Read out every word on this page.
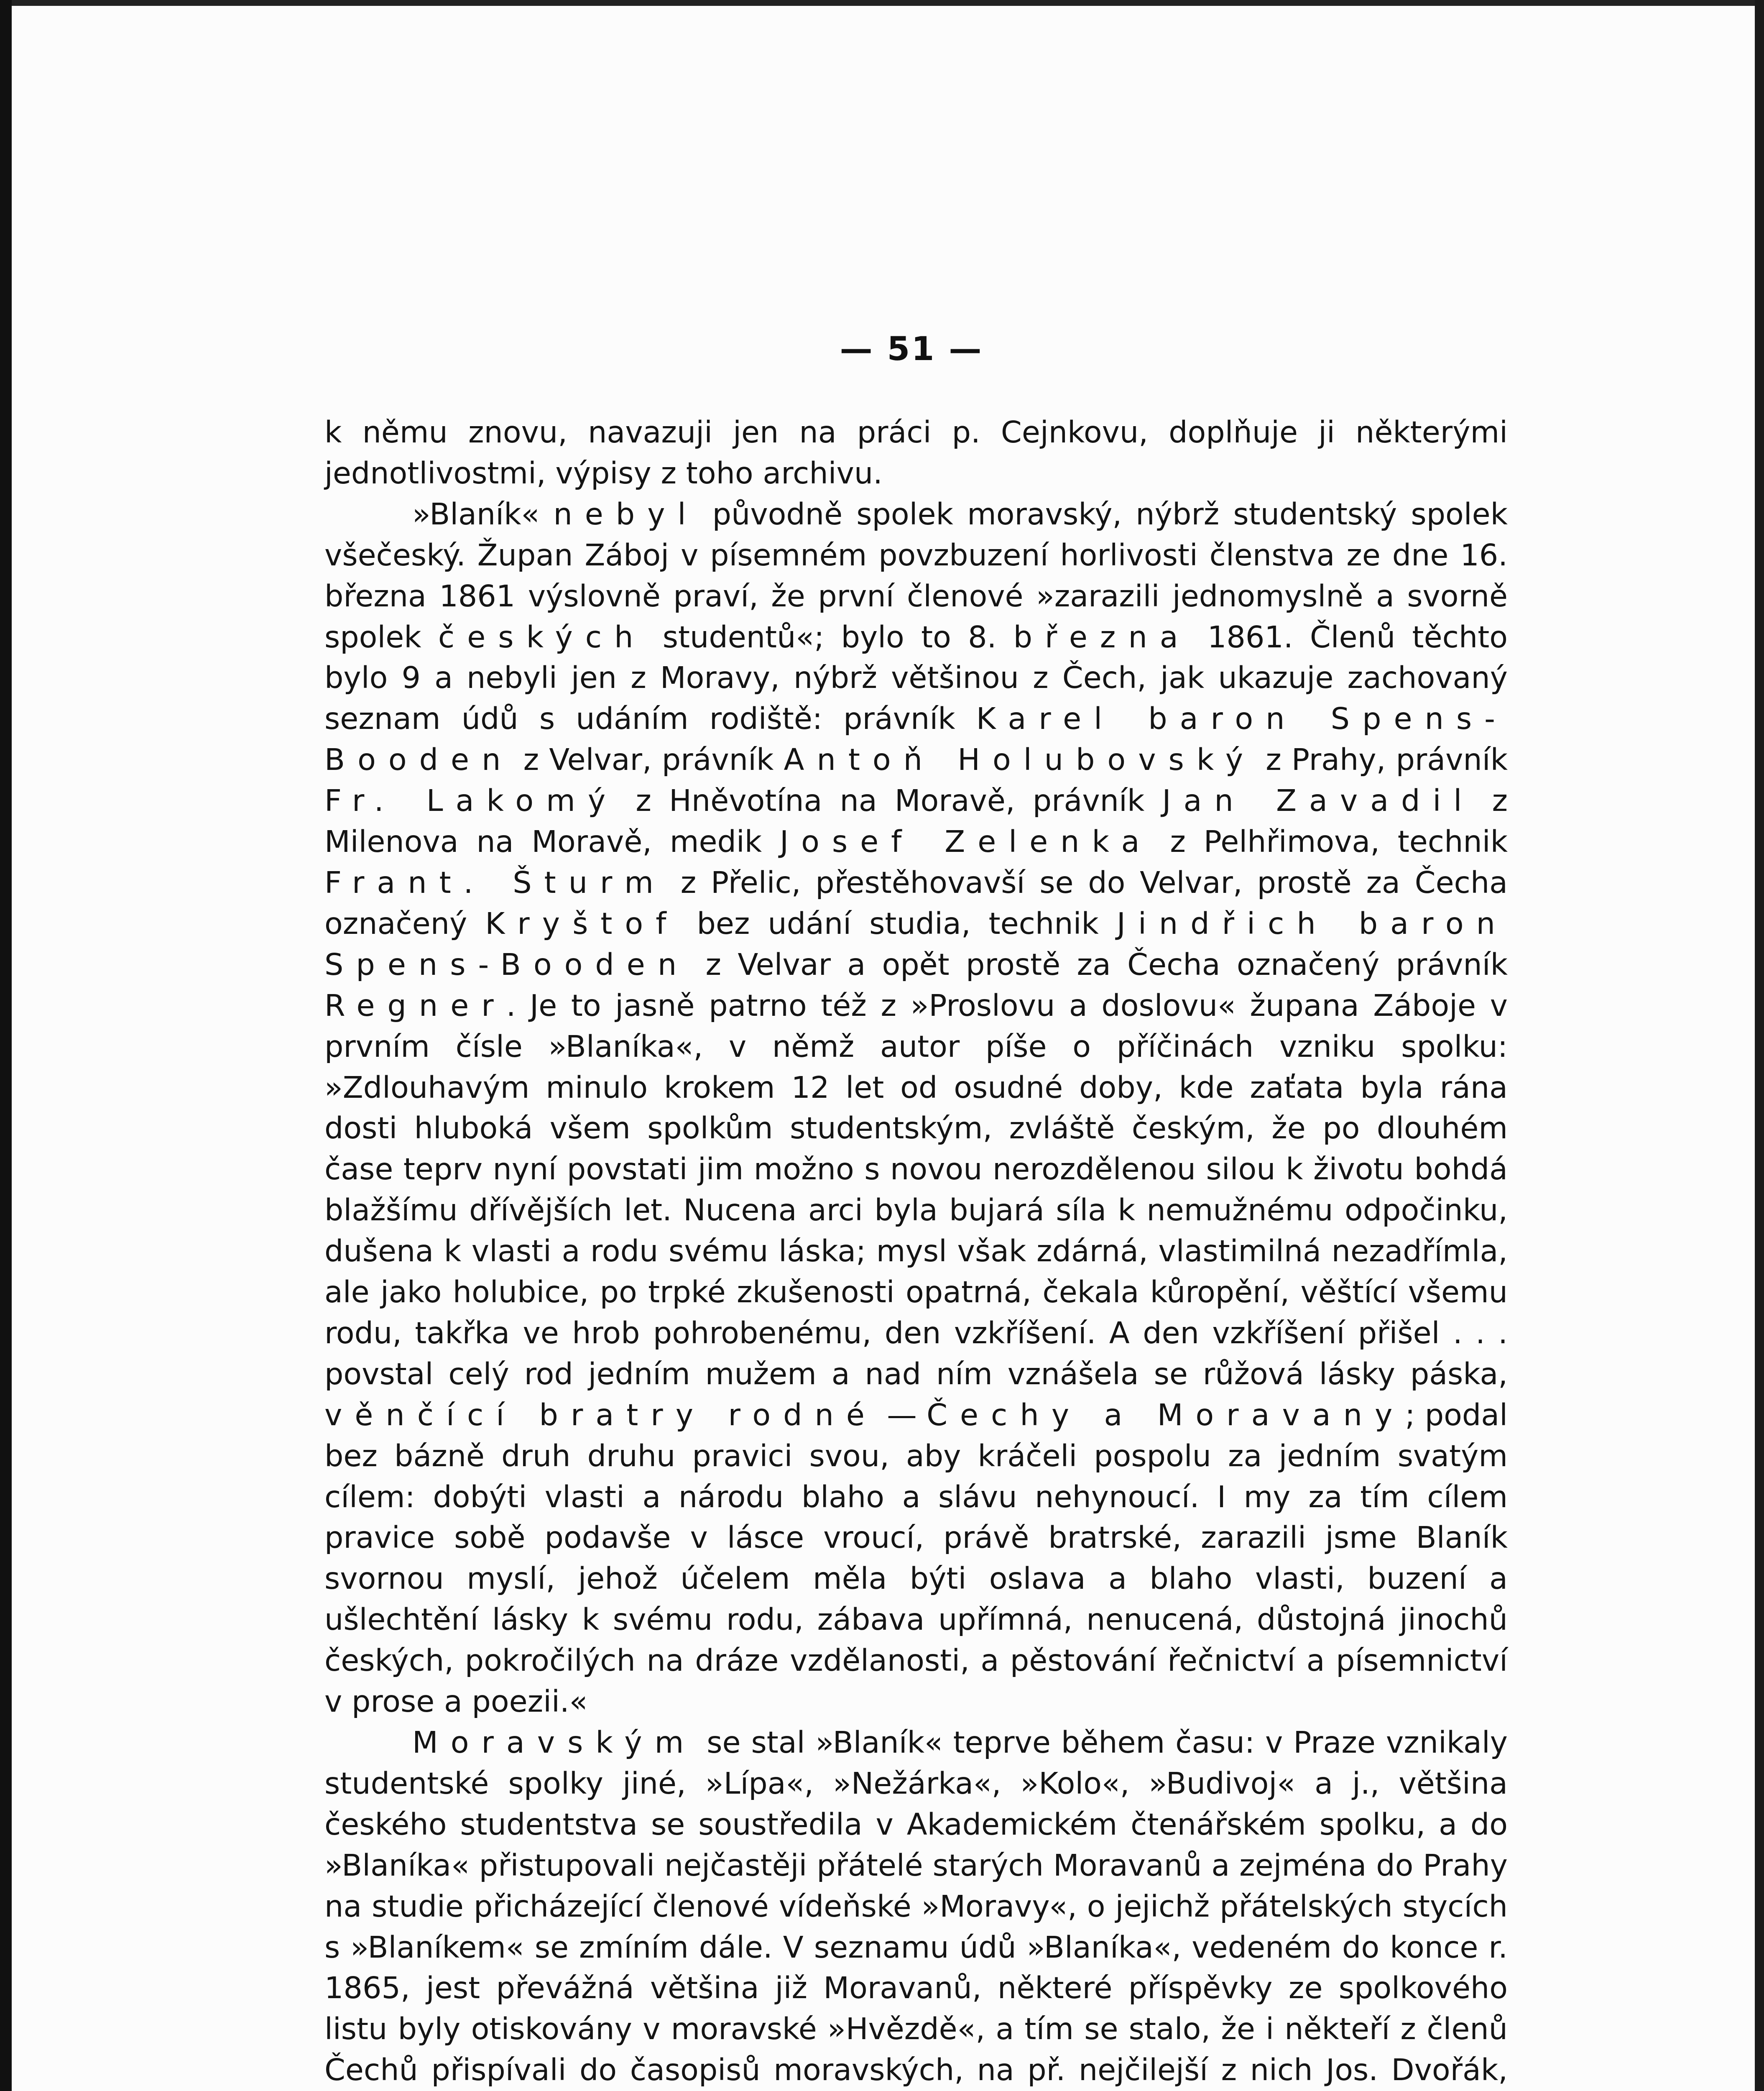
— 51 —

k němu znovu, navazuji jen na práci p. Cejnkovu, doplňuje ji některými jednotlivostmi, výpisy z toho archivu.

»Blaník« nebyl původně spolek moravský, nýbrž studentský spolek všečeský. Župan Záboj v písemném povzbuzení horlivosti členstva ze dne 16. března 1861 výslovně praví, že první členové »zarazili jednomyslně a svorně spolek českých studentů«; bylo to 8. března 1861. Členů těchto bylo 9 a nebyli jen z Moravy, nýbrž většinou z Čech, jak ukazuje zachovaný seznam údů s udáním rodiště: právník Karel baron Spens-Booden z Velvar, právník Antoň Holubovský z Prahy, právník Fr. Lakomý z Hněvotína na Moravě, právník Jan Zavadil z Milenova na Moravě, medik Josef Zelenka z Pelhřimova, technik Frant. Šturm z Přelic, přestěhovavší se do Velvar, prostě za Čecha označený Kryštof bez udání studia, technik Jindřich baron Spens-Booden z Velvar a opět prostě za Čecha označený právník Regner. Je to jasně patrno též z »Proslovu a doslovu« župana Záboje v prvním čísle »Blaníka«, v němž autor píše o příčinách vzniku spolku: »Zdlouhavým minulo krokem 12 let od osudné doby, kde zaťata byla rána dosti hluboká všem spolkům studentským, zvláště českým, že po dlouhém čase teprv nyní povstati jim možno s novou nerozdělenou silou k životu bohdá blažšímu dřívějších let. Nucena arci byla bujará síla k nemužnému odpočinku, dušena k vlasti a rodu svému láska; mysl však zdárná, vlastimilná nezadřímla, ale jako holubice, po trpké zkušenosti opatrná, čekala kůropění, věštící všemu rodu, takřka ve hrob pohrobenému, den vzkříšení. A den vzkříšení přišel . . . povstal celý rod jedním mužem a nad ním vznášela se růžová lásky páska, věnčící bratry rodné — Čechy a Moravany; podal bez bázně druh druhu pravici svou, aby kráčeli pospolu za jedním svatým cílem: dobýti vlasti a národu blaho a slávu nehynoucí. I my za tím cílem pravice sobě podavše v lásce vroucí, právě bratrské, zarazili jsme Blaník svornou myslí, jehož účelem měla býti oslava a blaho vlasti, buzení a ušlechtění lásky k svému rodu, zábava upřímná, nenucená, důstojná jinochů českých, pokročilých na dráze vzdělanosti, a pěstování řečnictví a písemnictví v prose a poezii.«

Moravským se stal »Blaník« teprve během času: v Praze vznikaly studentské spolky jiné, »Lípa«, »Nežárka«, »Kolo«, »Budivoj« a j., většina českého studentstva se soustředila v Akademickém čtenářském spolku, a do »Blaníka« přistupovali nejčastěji přátelé starých Moravanů a zejména do Prahy na studie přicházející členové vídeňské »Moravy«, o jejichž přátelských stycích s »Blaníkem« se zmíním dále. V seznamu údů »Blaníka«, vedeném do konce r. 1865, jest převážná většina již Moravanů, některé příspěvky ze spolkového listu byly otiskovány v moravské »Hvězdě«, a tím se stalo, že i někteří z členů Čechů přispívali do časopisů moravských, na př. nejčilejší z nich Jos. Dvořák,
